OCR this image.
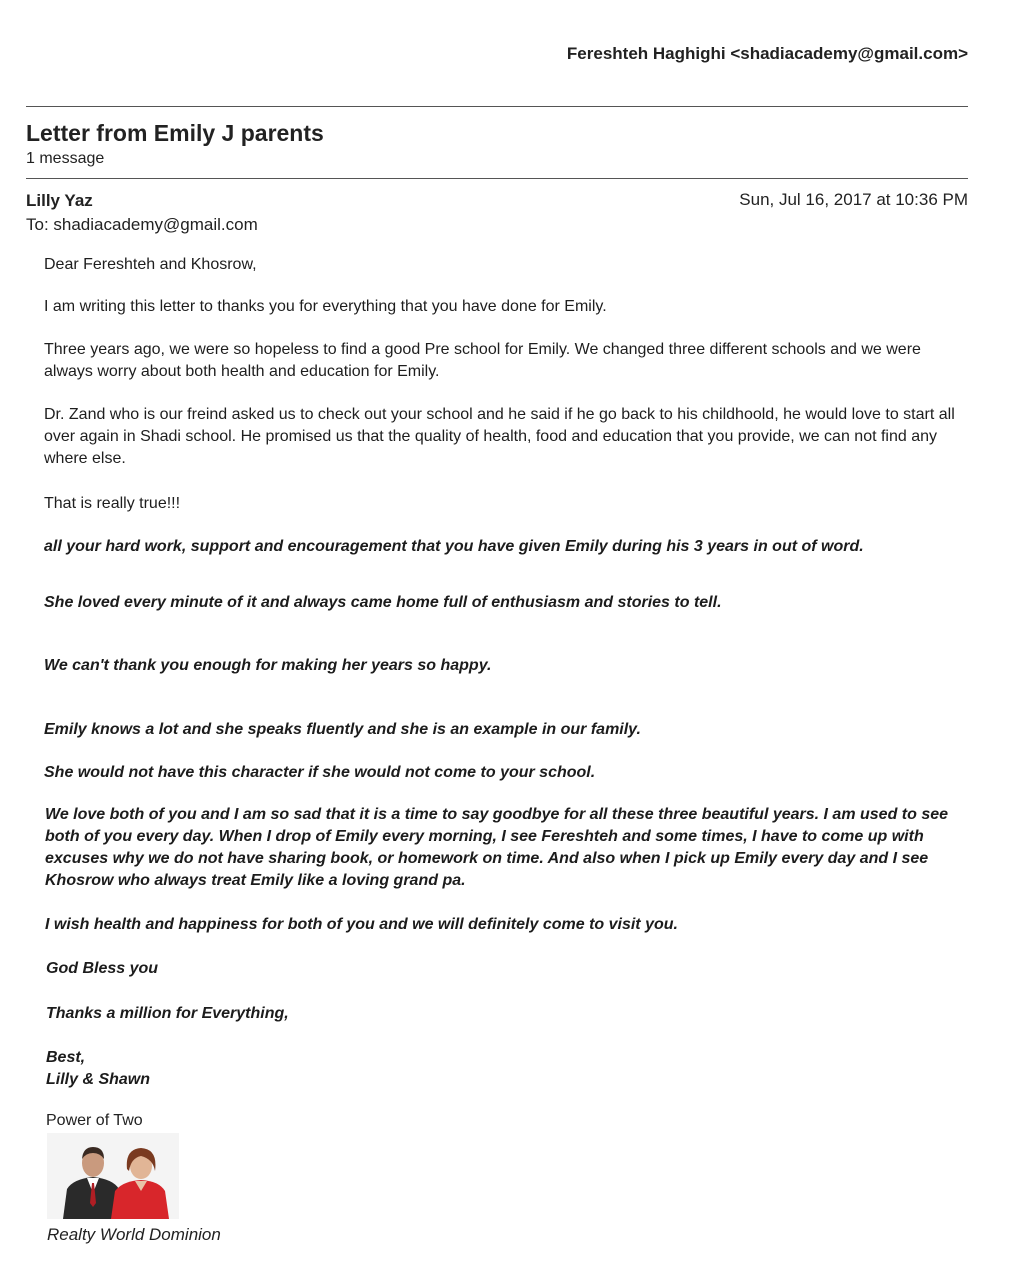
Fereshteh Haghighi <shadiacademy@gmail.com>
Letter from Emily J parents
1 message
Lilly Yaz	Sun, Jul 16, 2017 at 10:36 PM
To: shadiacademy@gmail.com
Dear Fereshteh and Khosrow,
I am writing this letter to thanks you for everything that you have done for Emily.
Three years ago, we were so hopeless to find a good Pre school for Emily. We changed three different schools and we were always worry about both health and education for Emily.
Dr. Zand who is our freind asked us to check out your school and he said if he go back to his childhoold, he would love to start all over again in Shadi school. He promised us that the quality of health, food and education that you provide, we can not find any where else.
That is really true!!!
all your hard work, support and encouragement that you have given Emily during his 3 years in out of word.
She loved every minute of it and always came home full of enthusiasm and stories to tell.
We can't thank you enough for making her years so happy.
Emily knows a lot and she speaks fluently and she is an example in our family.
She would not have this character if she would not come to your school.
We love both of you and I am so sad that it is a time to say goodbye for all these three beautiful years. I am used to see both of you every day. When I drop of Emily every morning, I see Fereshteh and some times, I have to come up with excuses why we do not have sharing book, or homework on time. And also when I pick up Emily every day and I see Khosrow who always treat Emily like a loving grand pa.
I wish health and happiness for both of you and we will definitely come to visit you.
God Bless you
Thanks a million for Everything,
Best,
Lilly & Shawn
Power of Two
Realty World Dominion
